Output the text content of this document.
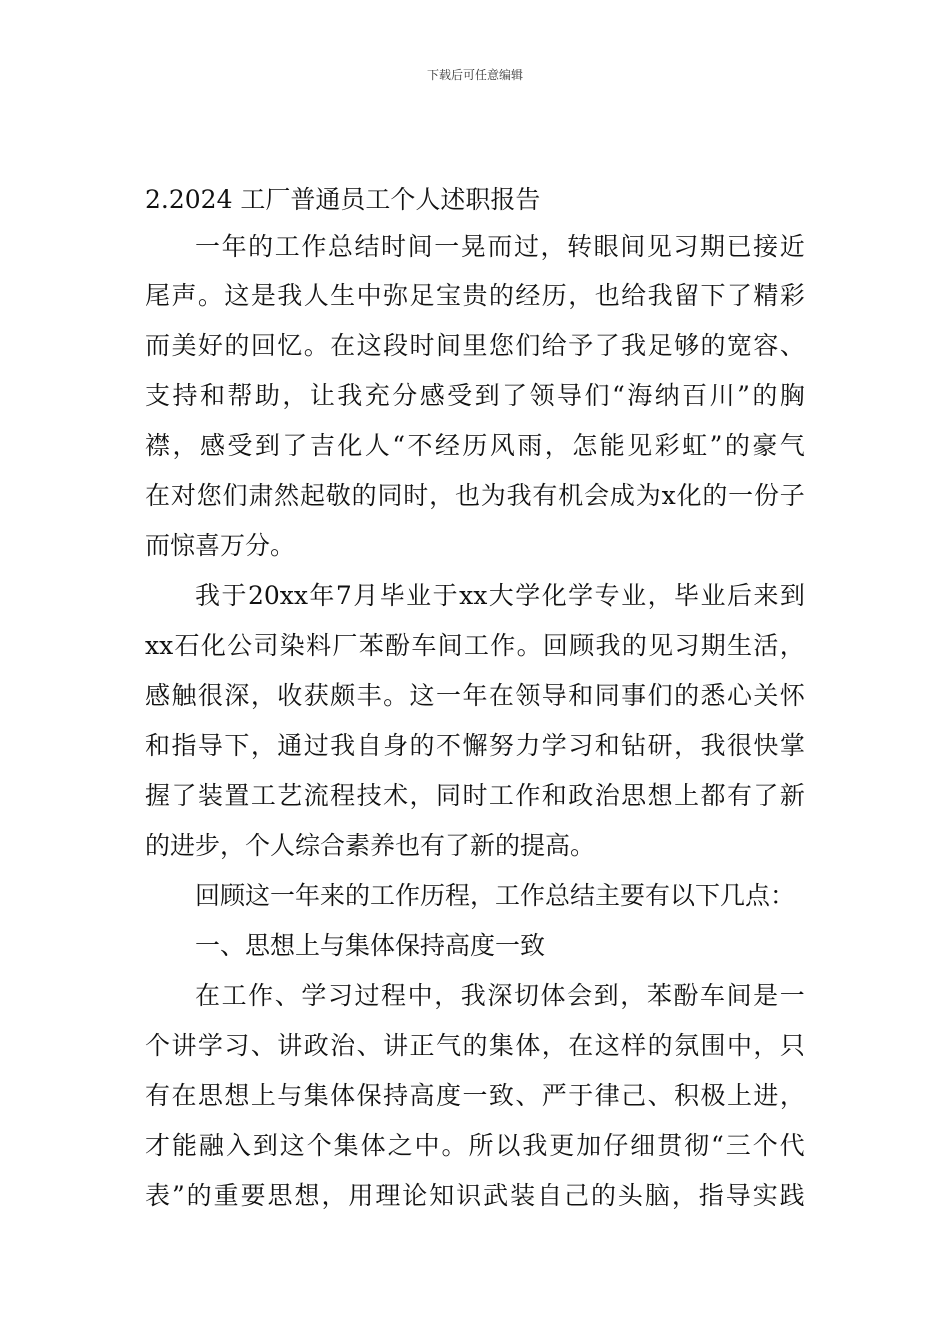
下载后可任意编辑
2.2024 工厂普通员工个人述职报告
一 年 的 工 作 总 结 时 间 一 晃 而 过 ， 转 眼 间 见 习 期 已 接 近
尾 声 。 这 是 我 人 生 中 弥 足 宝 贵 的 经 历 ， 也 给 我 留 下 了 精 彩
而 美 好 的 回 忆 。 在 这 段 时 间 里 您 们 给 予 了 我 足 够 的 宽 容 、
支 持 和 帮 助 ， 让 我 充 分 感 受 到 了 领 导 们 “ 海 纳 百 川 ” 的 胸
襟 ， 感 受 到 了 吉 化 人 “ 不 经 历 风 雨 ， 怎 能 见 彩 虹 ” 的 豪 气
在 对 您 们 肃 然 起 敬 的 同 时 ， 也 为 我 有 机 会 成 为 x 化 的 一 份 子
而惊喜万分。
我 于 20xx 年 7 月 毕 业 于 xx 大 学 化 学 专 业 ， 毕 业 后 来 到
xx 石 化 公 司 染 料 厂 苯 酚 车 间 工 作 。 回 顾 我 的 见 习 期 生 活 ，
感 触 很 深 ， 收 获 颇 丰 。 这 一 年 在 领 导 和 同 事 们 的 悉 心 关 怀
和 指 导 下 ， 通 过 我 自 身 的 不 懈 努 力 学 习 和 钻 研 ， 我 很 快 掌
握 了 装 置 工 艺 流 程 技 术 ， 同 时 工 作 和 政 治 思 想 上 都 有 了 新
的进步，个人综合素养也有了新的提高。
回顾这一年来的工作历程，工作总结主要有以下几点：
一、思想上与集体保持高度一致
在 工 作 、 学 习 过 程 中 ， 我 深 切 体 会 到 ， 苯 酚 车 间 是 一
个 讲 学 习 、 讲 政 治 、 讲 正 气 的 集 体 ， 在 这 样 的 氛 围 中 ， 只
有 在 思 想 上 与 集 体 保 持 高 度 一 致 、 严 于 律 己 、 积 极 上 进 ，
才 能 融 入 到 这 个 集 体 之 中 。 所 以 我 更 加 仔 细 贯 彻 “ 三 个 代
表 ” 的 重 要 思 想 ， 用 理 论 知 识 武 装 自 己 的 头 脑 ， 指 导 实 践
